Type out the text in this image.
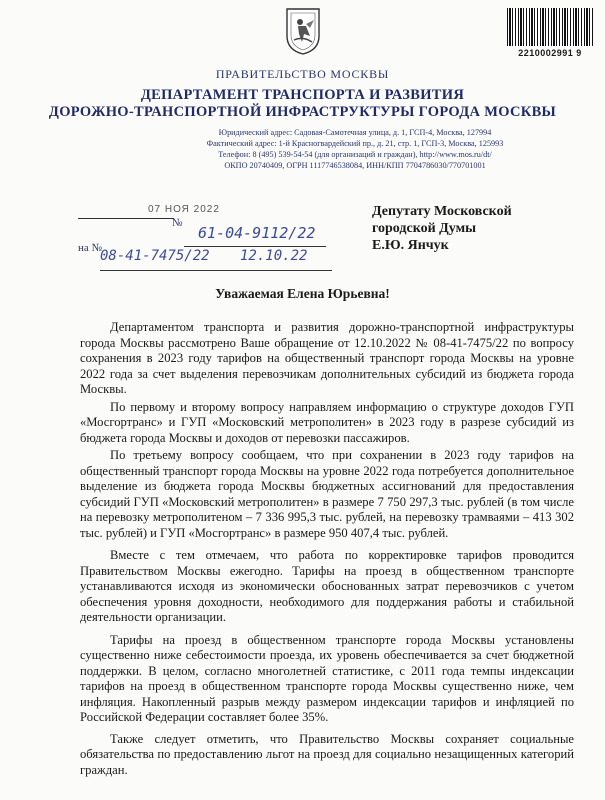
2210002991 9
ПРАВИТЕЛЬСТВО МОСКВЫ
ДЕПАРТАМЕНТ ТРАНСПОРТА И РАЗВИТИЯ
ДОРОЖНО-ТРАНСПОРТНОЙ ИНФРАСТРУКТУРЫ ГОРОДА МОСКВЫ
Юридический адрес: Садовая-Самотечная улица, д. 1, ГСП-4, Москва, 127994
Фактический адрес: 1-й Красногвардейский пр., д. 21, стр. 1, ГСП-3, Москва, 125993
Телефон: 8 (495) 539-54-54 (для организаций и граждан), http://www.mos.ru/dt/
ОКПО 20740409, ОГРН 1117746538084, ИНН/КПП 7704786030/770701001
07 НОЯ 2022
№
61-04-9112/22
на №
08-41-7475/22 12.10.22
Депутату Московской
городской Думы
Е.Ю. Янчук
Уважаемая Елена Юрьевна!

Департаментом транспорта и развития дорожно-транспортной инфраструктуры города Москвы рассмотрено Ваше обращение от 12.10.2022 № 08-41-7475/22 по вопросу сохранения в 2023 году тарифов на общественный транспорт города Москвы на уровне 2022 года за счет выделения перевозчикам дополнительных субсидий из бюджета города Москвы.

По первому и второму вопросу направляем информацию о структуре доходов ГУП «Мосгортранс» и ГУП «Московский метрополитен» в 2023 году в разрезе субсидий из бюджета города Москвы и доходов от перевозки пассажиров.

По третьему вопросу сообщаем, что при сохранении в 2023 году тарифов на общественный транспорт города Москвы на уровне 2022 года потребуется дополнительное выделение из бюджета города Москвы бюджетных ассигнований для предоставления субсидий ГУП «Московский метрополитен» в размере 7 750 297,3 тыс. рублей (в том числе на перевозку метрополитеном – 7 336 995,3 тыс. рублей, на перевозку трамваями – 413 302 тыс. рублей) и ГУП «Мосгортранс» в размере 950 407,4 тыс. рублей.

Вместе с тем отмечаем, что работа по корректировке тарифов проводится Правительством Москвы ежегодно. Тарифы на проезд в общественном транспорте устанавливаются исходя из экономически обоснованных затрат перевозчиков с учетом обеспечения уровня доходности, необходимого для поддержания работы и стабильной деятельности организации.

Тарифы на проезд в общественном транспорте города Москвы установлены существенно ниже себестоимости проезда, их уровень обеспечивается за счет бюджетной поддержки. В целом, согласно многолетней статистике, с 2011 года темпы индексации тарифов на проезд в общественном транспорте города Москвы существенно ниже, чем инфляция. Накопленный разрыв между размером индексации тарифов и инфляцией по Российской Федерации составляет более 35%.

Также следует отметить, что Правительство Москвы сохраняет социальные обязательства по предоставлению льгот на проезд для социально незащищенных категорий граждан.
